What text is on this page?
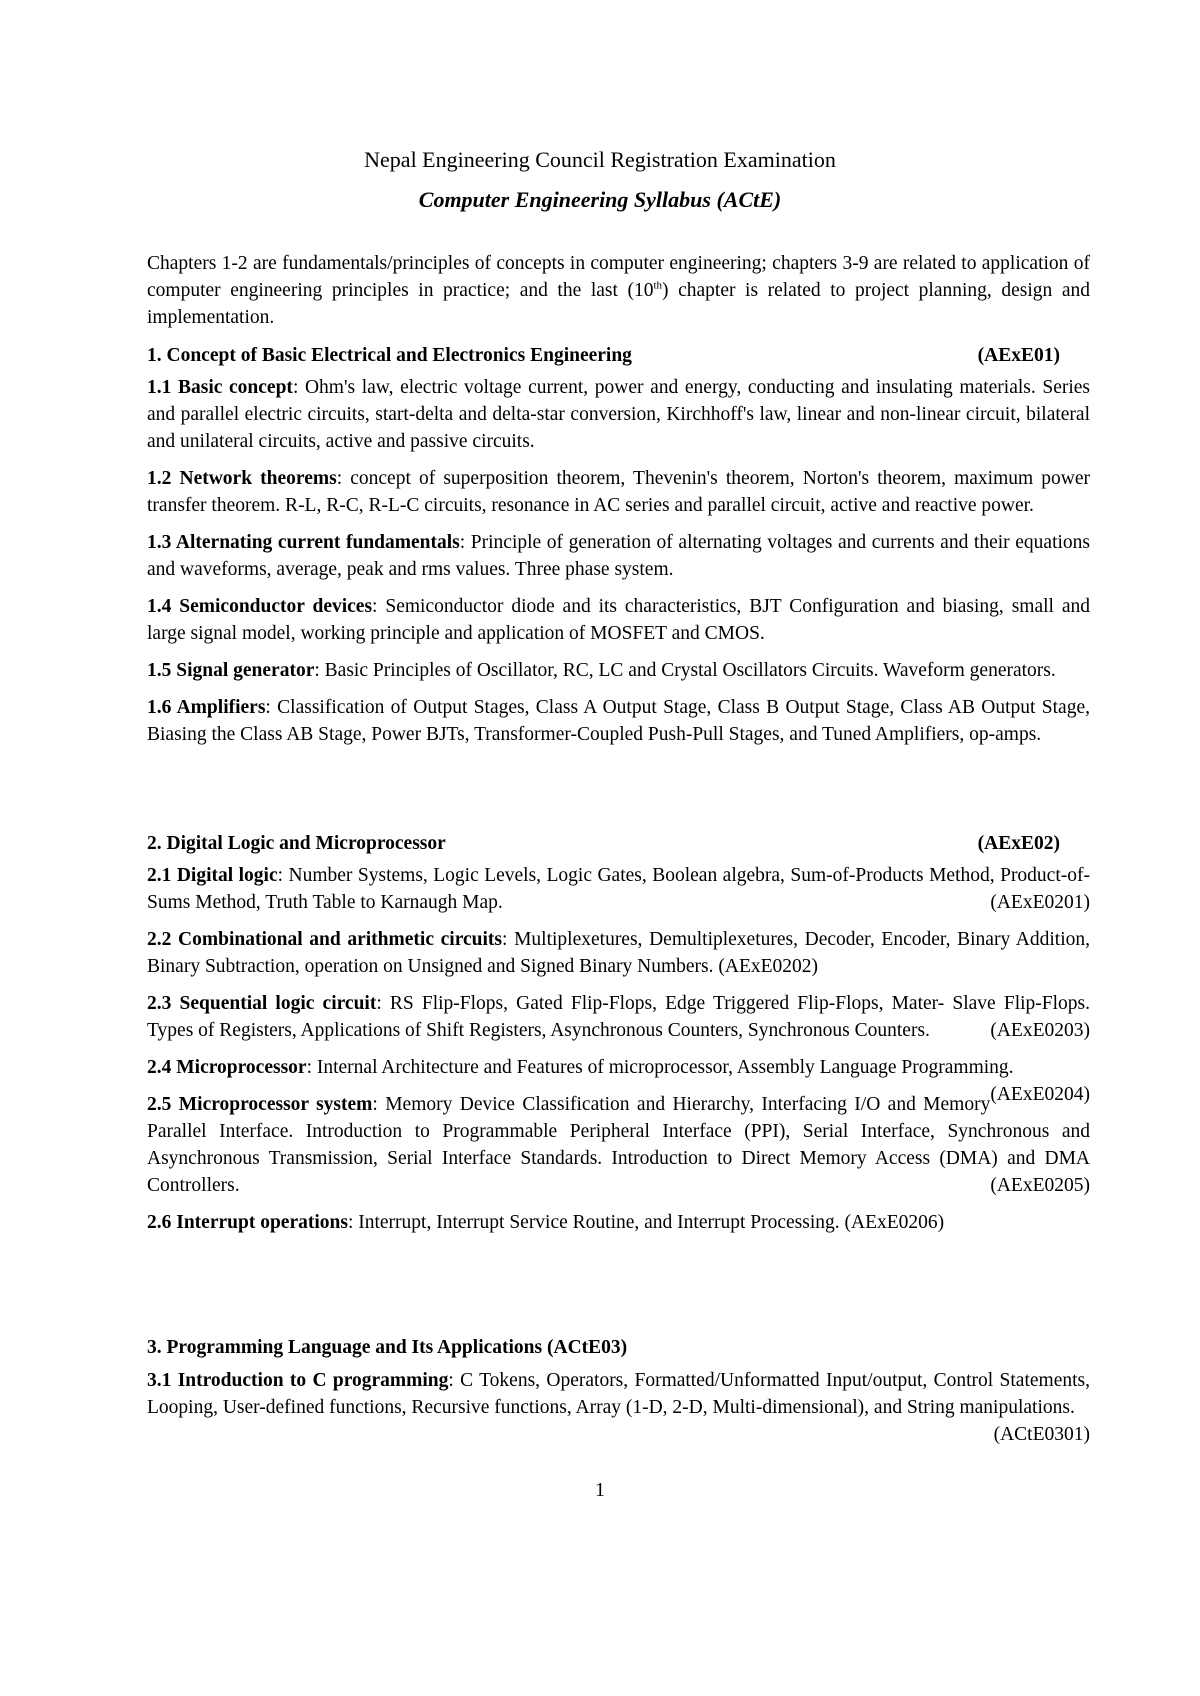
Nepal Engineering Council Registration Examination
Computer Engineering Syllabus (ACtE)
Chapters 1-2 are fundamentals/principles of concepts in computer engineering; chapters 3-9 are related to application of computer engineering principles in practice; and the last (10th) chapter is related to project planning, design and implementation.
1. Concept of Basic Electrical and Electronics Engineering	(AExE01)

1.1 Basic concept: Ohm's law, electric voltage current, power and energy, conducting and insulating materials. Series and parallel electric circuits, start-delta and delta-star conversion, Kirchhoff's law, linear and non-linear circuit, bilateral and unilateral circuits, active and passive circuits.

1.2 Network theorems: concept of superposition theorem, Thevenin's theorem, Norton's theorem, maximum power transfer theorem. R-L, R-C, R-L-C circuits, resonance in AC series and parallel circuit, active and reactive power.

1.3 Alternating current fundamentals: Principle of generation of alternating voltages and currents and their equations and waveforms, average, peak and rms values. Three phase system.

1.4 Semiconductor devices: Semiconductor diode and its characteristics, BJT Configuration and biasing, small and large signal model, working principle and application of MOSFET and CMOS.

1.5 Signal generator: Basic Principles of Oscillator, RC, LC and Crystal Oscillators Circuits. Waveform generators.

1.6 Amplifiers: Classification of Output Stages, Class A Output Stage, Class B Output Stage, Class AB Output Stage, Biasing the Class AB Stage, Power BJTs, Transformer-Coupled Push-Pull Stages, and Tuned Amplifiers, op-amps.

2. Digital Logic and Microprocessor	(AExE02)

2.1 Digital logic: Number Systems, Logic Levels, Logic Gates, Boolean algebra, Sum-of-Products Method, Product-of-Sums Method, Truth Table to Karnaugh Map.	(AExE0201)

2.2 Combinational and arithmetic circuits: Multiplexetures, Demultiplexetures, Decoder, Encoder, Binary Addition, Binary Subtraction, operation on Unsigned and Signed Binary Numbers. (AExE0202)

2.3 Sequential logic circuit: RS Flip-Flops, Gated Flip-Flops, Edge Triggered Flip-Flops, Mater- Slave Flip-Flops. Types of Registers, Applications of Shift Registers, Asynchronous Counters, Synchronous Counters.	(AExE0203)

2.4 Microprocessor: Internal Architecture and Features of microprocessor, Assembly Language Programming.
(AExE0204)

2.5 Microprocessor system: Memory Device Classification and Hierarchy, Interfacing I/O and Memory Parallel Interface. Introduction to Programmable Peripheral Interface (PPI), Serial Interface, Synchronous and Asynchronous Transmission, Serial Interface Standards. Introduction to Direct Memory Access (DMA) and DMA Controllers.	(AExE0205)

2.6 Interrupt operations: Interrupt, Interrupt Service Routine, and Interrupt Processing. (AExE0206)

3. Programming Language and Its Applications (ACtE03)

3.1 Introduction to C programming: C Tokens, Operators, Formatted/Unformatted Input/output, Control Statements, Looping, User-defined functions, Recursive functions, Array (1-D, 2-D, Multi-dimensional), and String manipulations.
(ACtE0301)

1
